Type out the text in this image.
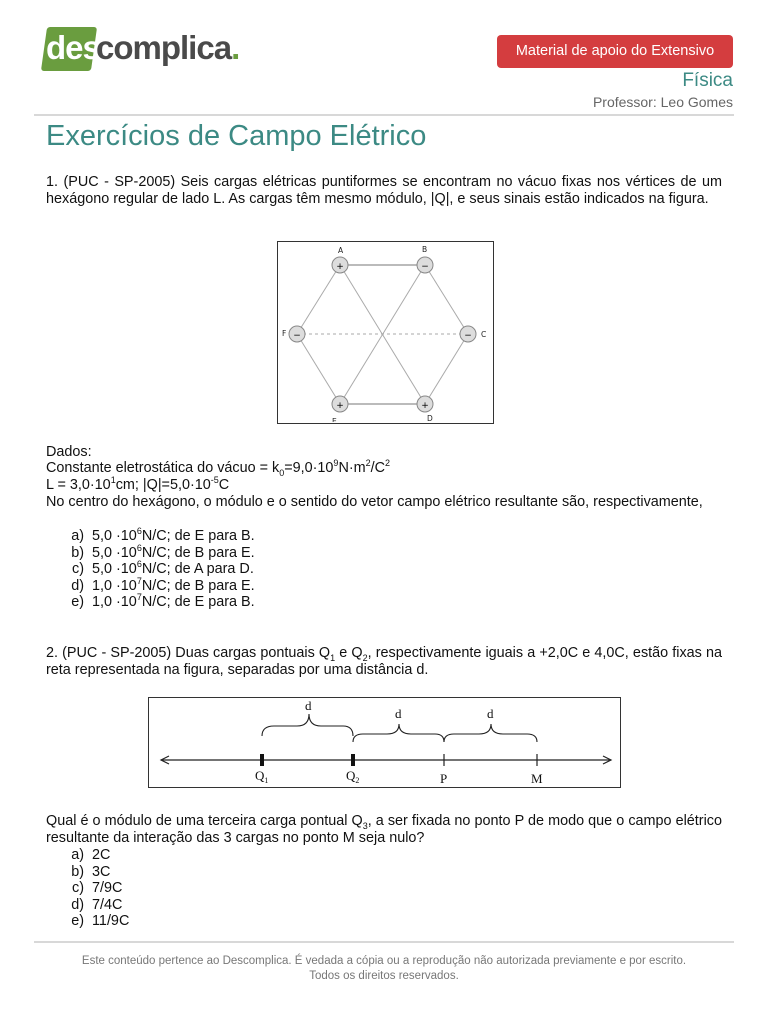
des
complica.	Material de apoio do Extensivo
Física
Professor: Leo Gomes
Exercícios de Campo Elétrico
1. (PUC - SP-2005) Seis cargas elétricas puntiformes se encontram no vácuo fixas nos vértices de um hexágono regular de lado L. As cargas têm mesmo módulo, |Q|, e seus sinais estão indicados na figura.
+	−
−
+
+
−
A	B
C
D
E
F
Dados:
Constante eletrostática do vácuo = $k_0=9,0\cdot 10^9N\cdot m^2/C^2$
$L = 3,0\cdot 10^1cm$; $|Q|=5,0\cdot 10^{-5}C$
No centro do hexágono, o módulo e o sentido do vetor campo elétrico resultante são, respectivamente,
a) $5,0 \cdot 10^6N/C$; de E para B.
b) $5,0 \cdot 10^6N/C$; de B para E.
c) $5,0 \cdot 10^6N/C$; de A para D.
d) $1,0 \cdot 10^7N/C$; de B para E.
e) $1,0 \cdot 10^7N/C$; de E para B.
2. (PUC - SP-2005) Duas cargas pontuais $Q_1$ e $Q_2$, respectivamente iguais a +2,0C e 4,0C, estão fixas na reta representada na figura, separadas por uma distância d.
d
d	d
$Q_1$	$Q_2$	P	M
Qual é o módulo de uma terceira carga pontual $Q_3$, a ser fixada no ponto P de modo que o campo elétrico resultante da interação das 3 cargas no ponto M seja nulo?
a) 2C
b) 3C
c) 7/9C
d) 7/4C
e) 11/9C
Este conteúdo pertence ao Descomplica. É vedada a cópia ou a reprodução não autorizada previamente e por escrito.
Todos os direitos reservados.
